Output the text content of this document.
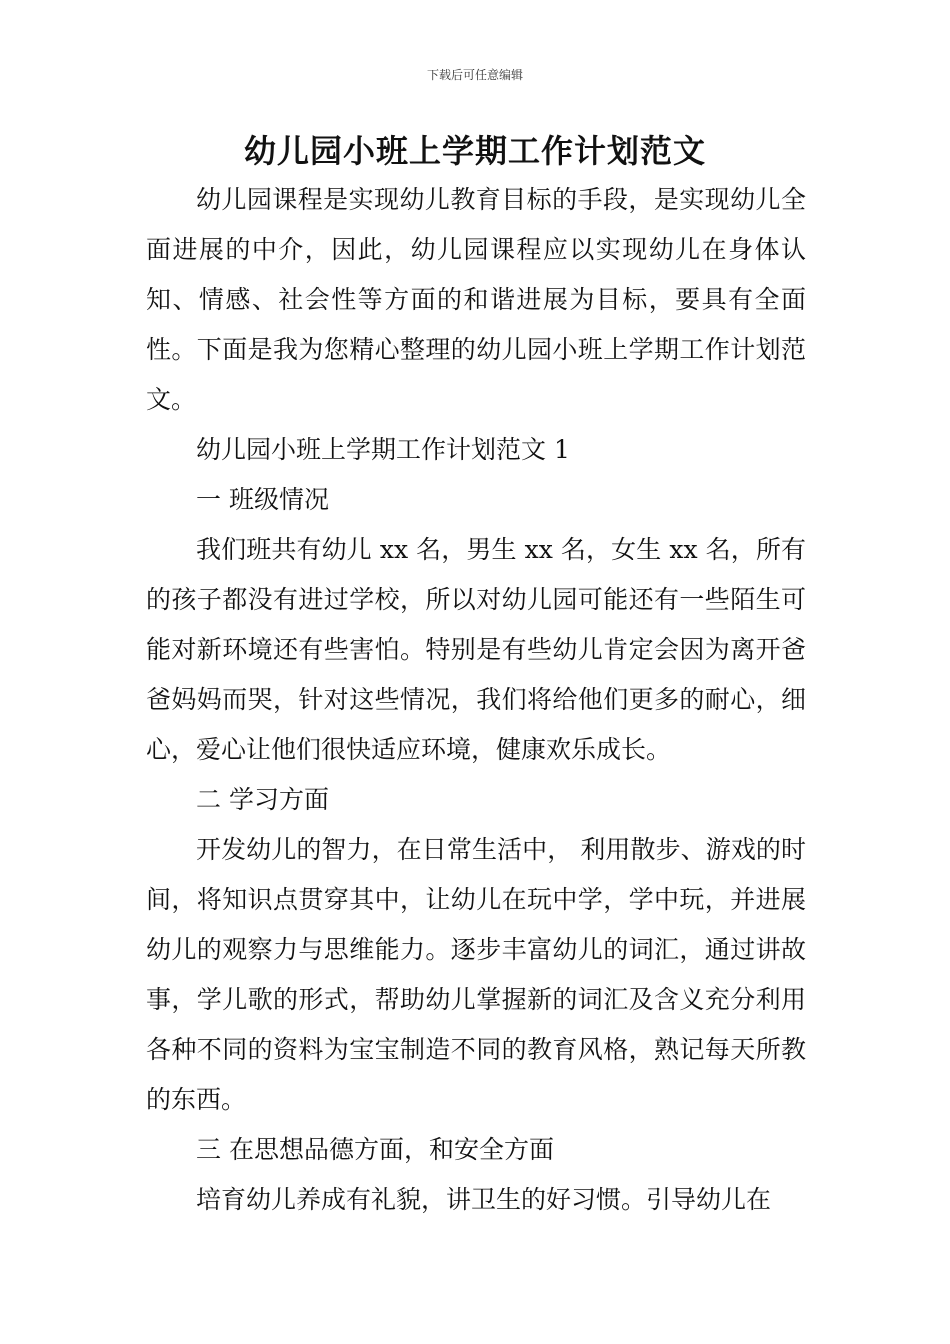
下载后可任意编辑
幼儿园小班上学期工作计划范文

幼儿园课程是实现幼儿教育目标的手段，是实现幼儿全面进展的中介，因此，幼儿园课程应以实现幼儿在身体认知、情感、社会性等方面的和谐进展为目标，要具有全面性。下面是我为您精心整理的幼儿园小班上学期工作计划范文。

幼儿园小班上学期工作计划范文 1

一 班级情况

我们班共有幼儿 xx 名，男生 xx 名，女生 xx 名，所有的孩子都没有进过学校，所以对幼儿园可能还有一些陌生可能对新环境还有些害怕。特别是有些幼儿肯定会因为离开爸爸妈妈而哭，针对这些情况，我们将给他们更多的耐心，细心，爱心让他们很快适应环境，健康欢乐成长。

二 学习方面

开发幼儿的智力，在日常生活中， 利用散步、游戏的时间，将知识点贯穿其中，让幼儿在玩中学，学中玩，并进展幼儿的观察力与思维能力。逐步丰富幼儿的词汇，通过讲故事，学儿歌的形式，帮助幼儿掌握新的词汇及含义充分利用各种不同的资料为宝宝制造不同的教育风格，熟记每天所教的东西。

三 在思想品德方面，和安全方面

培育幼儿养成有礼貌，讲卫生的好习惯。引导幼儿在
